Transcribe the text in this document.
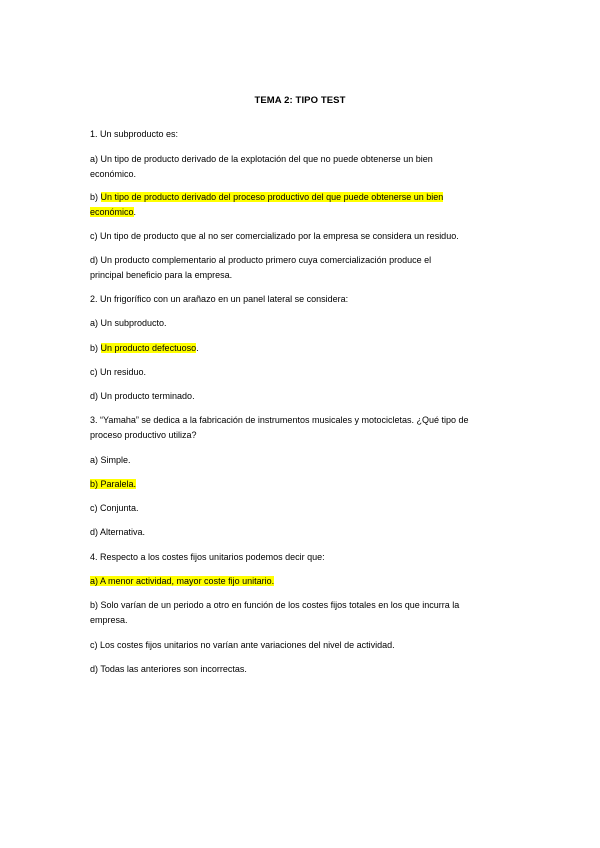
TEMA 2: TIPO TEST
1. Un subproducto es:
a) Un tipo de producto derivado de la explotación del que no puede obtenerse un bien
económico.
b) Un tipo de producto derivado del proceso productivo del que puede obtenerse un bien
económico.
c) Un tipo de producto que al no ser comercializado por la empresa se considera un residuo.
d) Un producto complementario al producto primero cuya comercialización produce el
principal beneficio para la empresa.
2. Un frigorífico con un arañazo en un panel lateral se considera:
a) Un subproducto.
b) Un producto defectuoso.
c) Un residuo.
d) Un producto terminado.
3. “Yamaha” se dedica a la fabricación de instrumentos musicales y motocicletas. ¿Qué tipo de
proceso productivo utiliza?
a) Simple.
b) Paralela.
c) Conjunta.
d) Alternativa.
4. Respecto a los costes fijos unitarios podemos decir que:
a) A menor actividad, mayor coste fijo unitario.
b) Solo varían de un periodo a otro en función de los costes fijos totales en los que incurra la
empresa.
c) Los costes fijos unitarios no varían ante variaciones del nivel de actividad.
d) Todas las anteriores son incorrectas.
